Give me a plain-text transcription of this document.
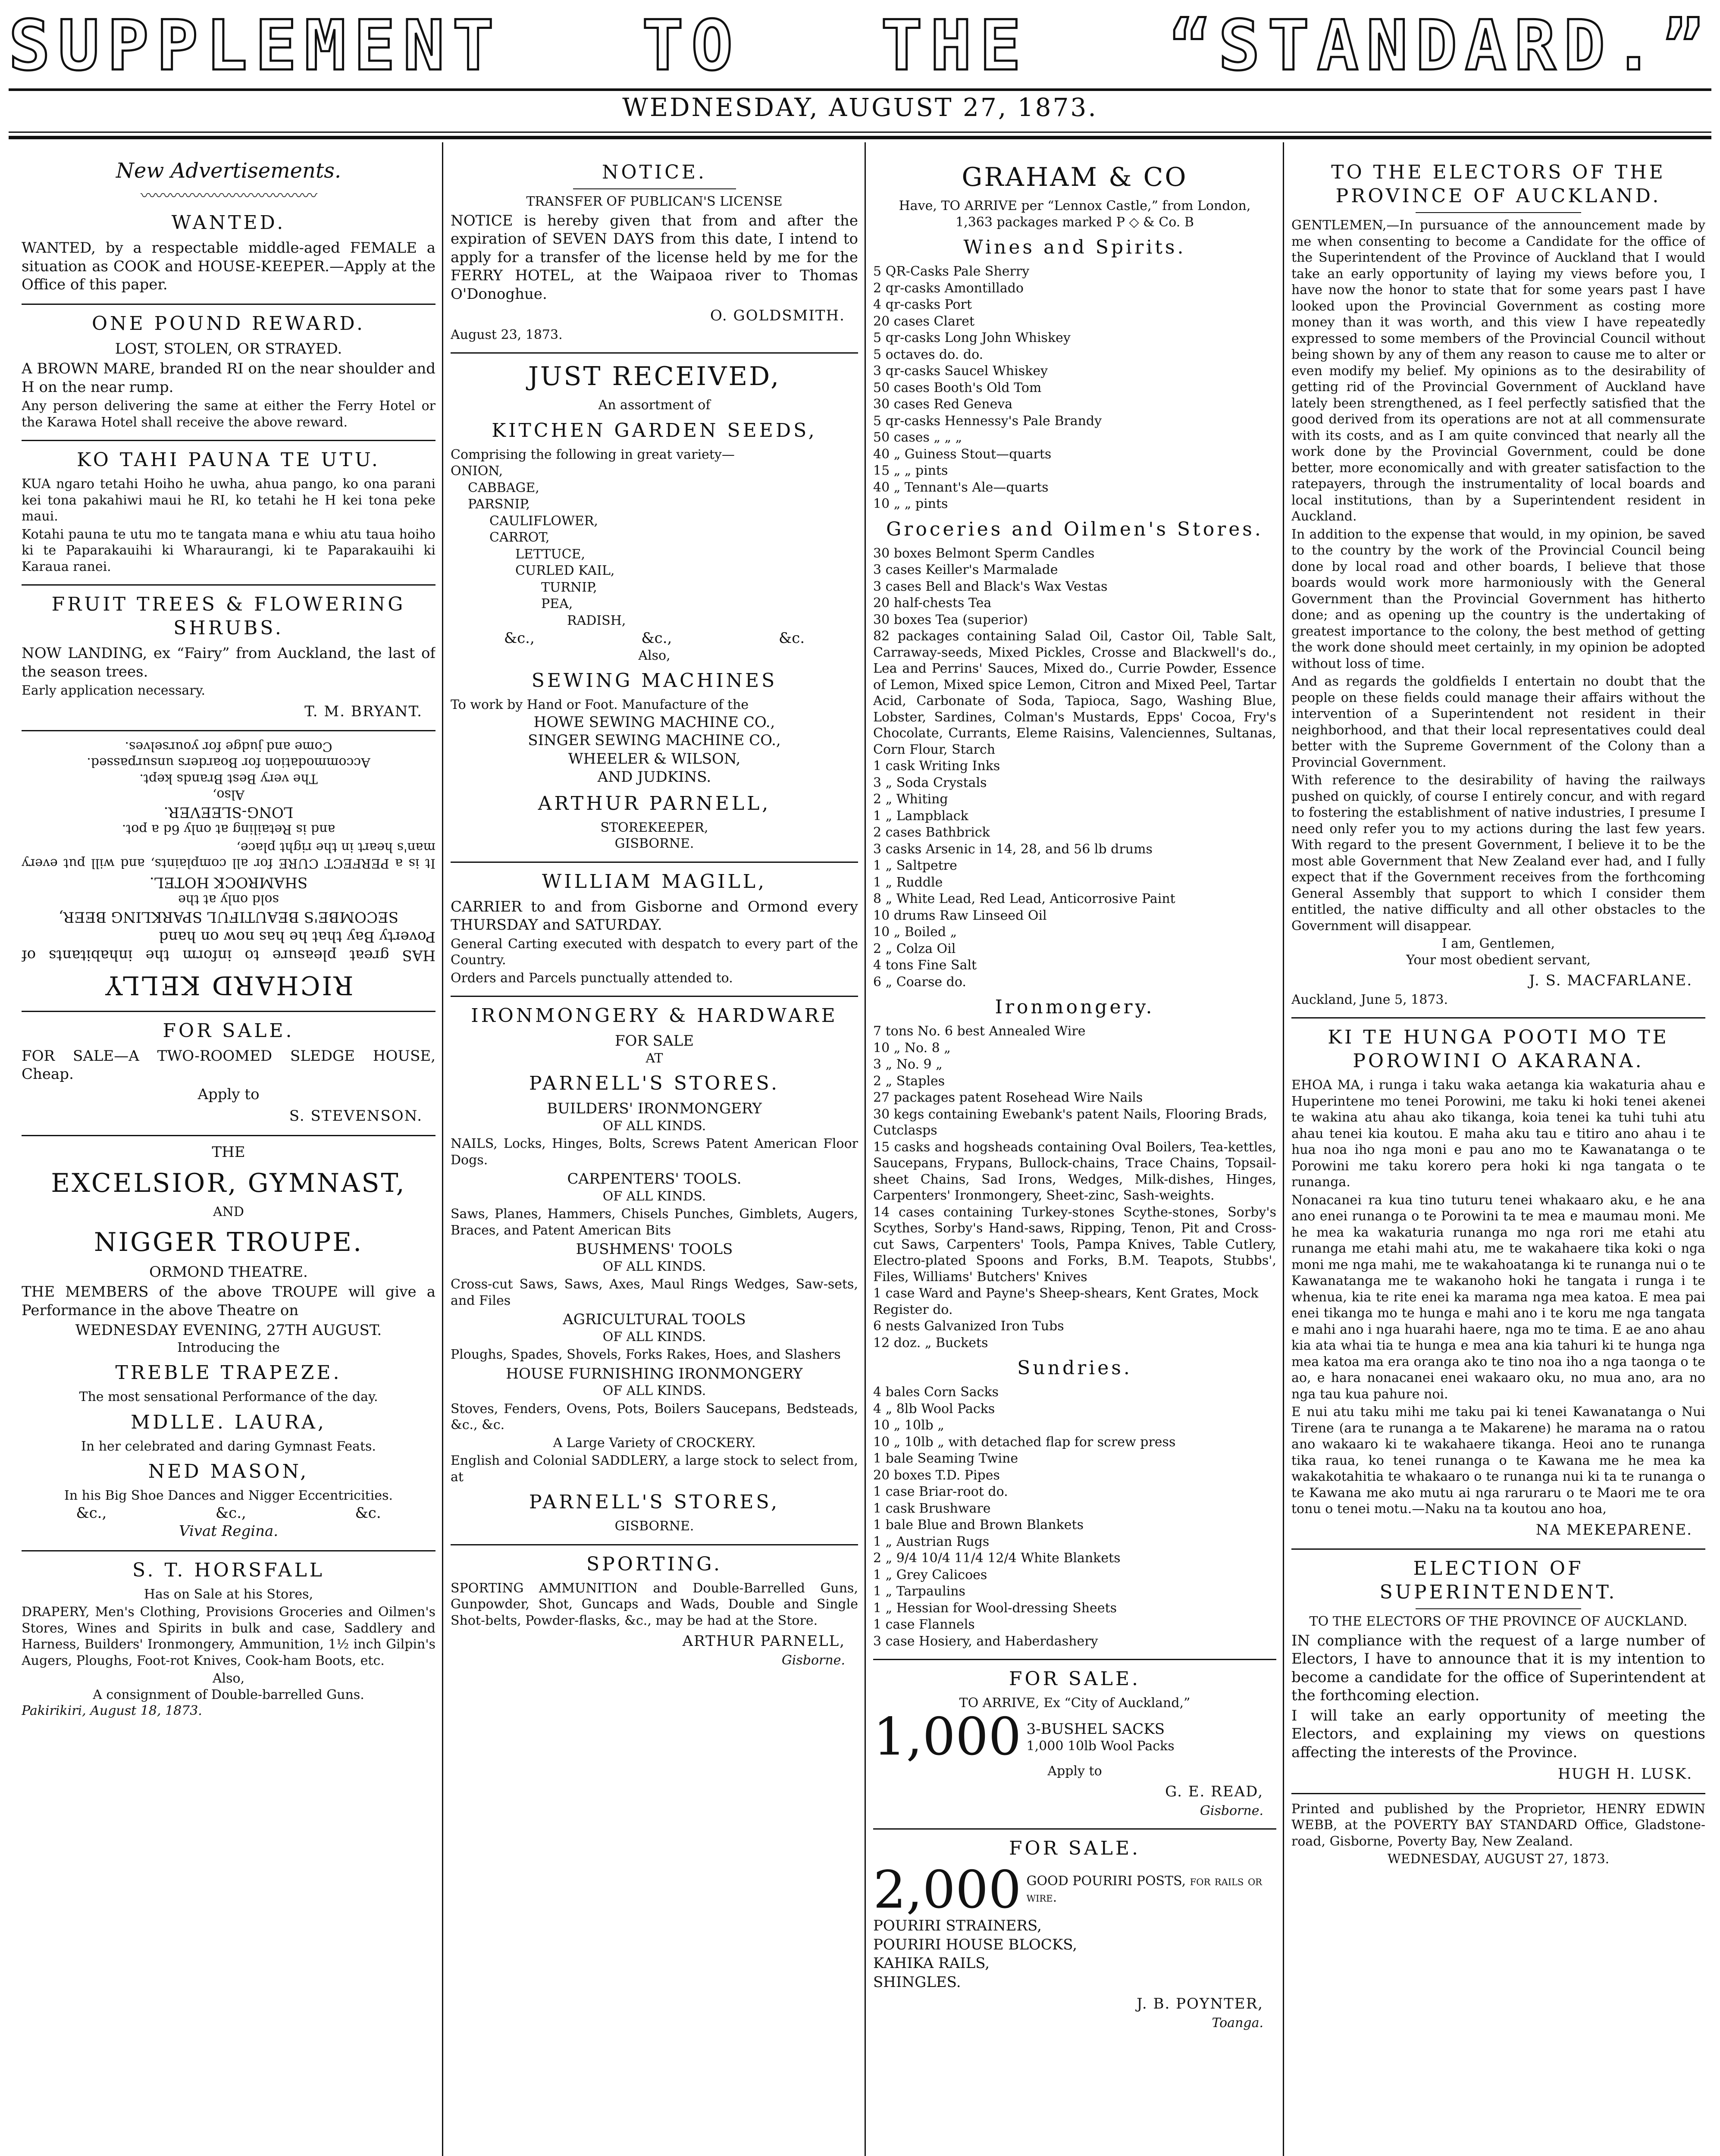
SUPPLEMENT TO THE “STANDARD.”
WEDNESDAY, AUGUST 27, 1873.
New Advertisements.
〰〰〰〰〰〰〰〰〰〰〰〰
WANTED.
WANTED, by a respectable middle-aged FEMALE a situation as COOK and HOUSE-KEEPER.—Apply at the Office of this paper.
ONE POUND REWARD.
LOST, STOLEN, OR STRAYED.
A BROWN MARE, branded RI on the near shoulder and H on the near rump.
Any person delivering the same at either the Ferry Hotel or the Karawa Hotel shall receive the above reward.
KO TAHI PAUNA TE UTU.
KUA ngaro tetahi Hoiho he uwha, ahua pango, ko ona parani kei tona pakahiwi maui he RI, ko tetahi he H kei tona peke maui.
Kotahi pauna te utu mo te tangata mana e whiu atu taua hoiho ki te Paparakauihi ki Wharaurangi, ki te Paparakauihi ki Karaua ranei.
FRUIT TREES & FLOWERING SHRUBS.
NOW LANDING, ex “Fairy” from Auckland, the last of the season trees.
Early application necessary.
T. M. BRYANT.
RICHARD KELLY
HAS great pleasure to inform the inhabitants of Poverty Bay that he has now on hand
SECOMBE'S BEAUTIFUL SPARKLING BEER,
sold only at the
SHAMROCK HOTEL.
It is a PERFECT CURE for all complaints, and will put every man's heart in the right place,
and is Retailing at only 6d a pot.
LONG-SLEEVER.
Also,
The very Best Brands kept.
Accommodation for Boarders unsurpassed.
Come and judge for yourselves.
FOR SALE.
FOR SALE—A TWO-ROOMED SLEDGE HOUSE, Cheap.
Apply to
S. STEVENSON.
THE
EXCELSIOR, GYMNAST,
AND
NIGGER TROUPE.
ORMOND THEATRE.
THE MEMBERS of the above TROUPE will give a Performance in the above Theatre on
WEDNESDAY EVENING, 27TH AUGUST.
Introducing the
TREBLE TRAPEZE.
The most sensational Performance of the day.
MDLLE. LAURA,
In her celebrated and daring Gymnast Feats.
NED MASON,
In his Big Shoe Dances and Nigger Eccentricities.
&c.,	&c.,	&c.
Vivat Regina.
S. T. HORSFALL
Has on Sale at his Stores,
DRAPERY, Men's Clothing, Provisions Groceries and Oilmen's Stores, Wines and Spirits in bulk and case, Saddlery and Harness, Builders' Ironmongery, Ammunition, 1½ inch Gilpin's Augers, Ploughs, Foot-rot Knives, Cook-ham Boots, etc.
Also,
A consignment of Double-barrelled Guns.
Pakirikiri, August 18, 1873.
NOTICE.
TRANSFER OF PUBLICAN'S LICENSE
NOTICE is hereby given that from and after the expiration of SEVEN DAYS from this date, I intend to apply for a transfer of the license held by me for the FERRY HOTEL, at the Waipaoa river to Thomas O'Donoghue.
O. GOLDSMITH.
August 23, 1873.
JUST RECEIVED,
An assortment of
KITCHEN GARDEN SEEDS,
Comprising the following in great variety—
ONION,
CABBAGE,
PARSNIP,
CAULIFLOWER,
CARROT,
LETTUCE,
CURLED KAIL,
TURNIP,
PEA,
RADISH,
&c.,	&c.,	&c.
Also,
SEWING MACHINES
To work by Hand or Foot. Manufacture of the
HOWE SEWING MACHINE CO.,
SINGER SEWING MACHINE CO.,
WHEELER & WILSON,
AND JUDKINS.
ARTHUR PARNELL,
STOREKEEPER,
GISBORNE.
WILLIAM MAGILL,
CARRIER to and from Gisborne and Ormond every THURSDAY and SATURDAY.
General Carting executed with despatch to every part of the Country.
Orders and Parcels punctually attended to.
IRONMONGERY & HARDWARE
FOR SALE
AT
PARNELL'S STORES.
BUILDERS' IRONMONGERY
OF ALL KINDS.
NAILS, Locks, Hinges, Bolts, Screws Patent American Floor Dogs.
CARPENTERS' TOOLS.
OF ALL KINDS.
Saws, Planes, Hammers, Chisels Punches, Gimblets, Augers, Braces, and Patent American Bits
BUSHMENS' TOOLS
OF ALL KINDS.
Cross-cut Saws, Saws, Axes, Maul Rings Wedges, Saw-sets, and Files
AGRICULTURAL TOOLS
OF ALL KINDS.
Ploughs, Spades, Shovels, Forks Rakes, Hoes, and Slashers
HOUSE FURNISHING IRONMONGERY
OF ALL KINDS.
Stoves, Fenders, Ovens, Pots, Boilers Saucepans, Bedsteads, &c., &c.
A Large Variety of CROCKERY.
English and Colonial SADDLERY, a large stock to select from, at
PARNELL'S STORES,
GISBORNE.
SPORTING.
SPORTING AMMUNITION and Double-Barrelled Guns, Gunpowder, Shot, Guncaps and Wads, Double and Single Shot-belts, Powder-flasks, &c., may be had at the Store.
ARTHUR PARNELL,
Gisborne.
GRAHAM & CO
Have, TO ARRIVE per “Lennox Castle,” from London,
1,363 packages marked P ◇ & Co. B
Wines and Spirits.
5 QR-Casks Pale Sherry
2 qr-casks Amontillado
4 qr-casks Port
20 cases Claret
5 qr-casks Long John Whiskey
5 octaves do. do.
3 qr-casks Saucel Whiskey
50 cases Booth's Old Tom
30 cases Red Geneva
5 qr-casks Hennessy's Pale Brandy
50 cases „ „ „
40 „ Guiness Stout—quarts
15 „ „ pints
40 „ Tennant's Ale—quarts
10 „ „ pints
Groceries and Oilmen's Stores.
30 boxes Belmont Sperm Candles
3 cases Keiller's Marmalade
3 cases Bell and Black's Wax Vestas
20 half-chests Tea
30 boxes Tea (superior)
82 packages containing Salad Oil, Castor Oil, Table Salt, Carraway-seeds, Mixed Pickles, Crosse and Blackwell's do., Lea and Perrins' Sauces, Mixed do., Currie Powder, Essence of Lemon, Mixed spice Lemon, Citron and Mixed Peel, Tartar Acid, Carbonate of Soda, Tapioca, Sago, Washing Blue, Lobster, Sardines, Colman's Mustards, Epps' Cocoa, Fry's Chocolate, Currants, Eleme Raisins, Valenciennes, Sultanas, Corn Flour, Starch
1 cask Writing Inks
3 „ Soda Crystals
2 „ Whiting
1 „ Lampblack
2 cases Bathbrick
3 casks Arsenic in 14, 28, and 56 lb drums
1 „ Saltpetre
1 „ Ruddle
8 „ White Lead, Red Lead, Anticorrosive Paint
10 drums Raw Linseed Oil
10 „ Boiled „
2 „ Colza Oil
4 tons Fine Salt
6 „ Coarse do.
Ironmongery.
7 tons No. 6 best Annealed Wire
10 „ No. 8 „
3 „ No. 9 „
2 „ Staples
27 packages patent Rosehead Wire Nails
30 kegs containing Ewebank's patent Nails, Flooring Brads, Cutclasps
15 casks and hogsheads containing Oval Boilers, Tea-kettles, Saucepans, Frypans, Bullock-chains, Trace Chains, Topsail-sheet Chains, Sad Irons, Wedges, Milk-dishes, Hinges, Carpenters' Ironmongery, Sheet-zinc, Sash-weights.
14 cases containing Turkey-stones Scythe-stones, Sorby's Scythes, Sorby's Hand-saws, Ripping, Tenon, Pit and Cross-cut Saws, Carpenters' Tools, Pampa Knives, Table Cutlery, Electro-plated Spoons and Forks, B.M. Teapots, Stubbs', Files, Williams' Butchers' Knives
1 case Ward and Payne's Sheep-shears, Kent Grates, Mock Register do.
6 nests Galvanized Iron Tubs
12 doz. „ Buckets
Sundries.
4 bales Corn Sacks
4 „ 8lb Wool Packs
10 „ 10lb „
10 „ 10lb „ with detached flap for screw press
1 bale Seaming Twine
20 boxes T.D. Pipes
1 case Briar-root do.
1 cask Brushware
1 bale Blue and Brown Blankets
1 „ Austrian Rugs
2 „ 9/4 10/4 11/4 12/4 White Blankets
1 „ Grey Calicoes
1 „ Tarpaulins
1 „ Hessian for Wool-dressing Sheets
1 case Flannels
3 case Hosiery, and Haberdashery
FOR SALE.
TO ARRIVE, Ex “City of Auckland,”
1,000 3-BUSHEL SACKS
1,000 10lb Wool Packs
Apply to
G. E. READ,
Gisborne.
FOR SALE.
2,000 GOOD POURIRI POSTS, for rails or wire.
POURIRI STRAINERS,
POURIRI HOUSE BLOCKS,
KAHIKA RAILS,
SHINGLES.
J. B. POYNTER,
Toanga.
TO THE ELECTORS OF THE PROVINCE OF AUCKLAND.
GENTLEMEN,—In pursuance of the announcement made by me when consenting to become a Candidate for the office of the Superintendent of the Province of Auckland that I would take an early opportunity of laying my views before you, I have now the honor to state that for some years past I have looked upon the Provincial Government as costing more money than it was worth, and this view I have repeatedly expressed to some members of the Provincial Council without being shown by any of them any reason to cause me to alter or even modify my belief. My opinions as to the desirability of getting rid of the Provincial Government of Auckland have lately been strengthened, as I feel perfectly satisfied that the good derived from its operations are not at all commensurate with its costs, and as I am quite convinced that nearly all the work done by the Provincial Government, could be done better, more economically and with greater satisfaction to the ratepayers, through the instrumentality of local boards and local institutions, than by a Superintendent resident in Auckland.
In addition to the expense that would, in my opinion, be saved to the country by the work of the Provincial Council being done by local road and other boards, I believe that those boards would work more harmoniously with the General Government than the Provincial Government has hitherto done; and as opening up the country is the undertaking of greatest importance to the colony, the best method of getting the work done should meet certainly, in my opinion be adopted without loss of time.
And as regards the goldfields I entertain no doubt that the people on these fields could manage their affairs without the intervention of a Superintendent not resident in their neighborhood, and that their local representatives could deal better with the Supreme Government of the Colony than a Provincial Government.
With reference to the desirability of having the railways pushed on quickly, of course I entirely concur, and with regard to fostering the establishment of native industries, I presume I need only refer you to my actions during the last few years. With regard to the present Government, I believe it to be the most able Government that New Zealand ever had, and I fully expect that if the Government receives from the forthcoming General Assembly that support to which I consider them entitled, the native difficulty and all other obstacles to the Government will disappear.
I am, Gentlemen,
Your most obedient servant,
J. S. MACFARLANE.
Auckland, June 5, 1873.
KI TE HUNGA POOTI MO TE POROWINI O AKARANA.
EHOA MA, i runga i taku waka aetanga kia wakaturia ahau e Huperintene mo tenei Porowini, me taku ki hoki tenei akenei te wakina atu ahau ako tikanga, koia tenei ka tuhi tuhi atu ahau tenei kia koutou. E maha aku tau e titiro ano ahau i te hua noa iho nga moni e pau ano mo te Kawanatanga o te Porowini me taku korero pera hoki ki nga tangata o te runanga.
Nonacanei ra kua tino tuturu tenei whakaaro aku, e he ana ano enei runanga o te Porowini ta te mea e maumau moni. Me he mea ka wakaturia runanga mo nga rori me etahi atu runanga me etahi mahi atu, me te wakahaere tika koki o nga moni me nga mahi, me te wakahoatanga ki te runanga nui o te Kawanatanga me te wakanoho hoki he tangata i runga i te whenua, kia te rite enei ka marama nga mea katoa. E mea pai enei tikanga mo te hunga e mahi ano i te koru me nga tangata e mahi ano i nga huarahi haere, nga mo te tima. E ae ano ahau kia ata whai tia te hunga e mea ana kia tahuri ki te hunga nga mea katoa ma era oranga ako te tino noa iho a nga taonga o te ao, e hara nonacanei enei wakaaro oku, no mua ano, ara no nga tau kua pahure noi.
E nui atu taku mihi me taku pai ki tenei Kawanatanga o Nui Tirene (ara te runanga a te Makarene) he marama na o ratou ano wakaaro ki te wakahaere tikanga. Heoi ano te runanga tika raua, ko tenei runanga o te Kawana me he mea ka wakakotahitia te whakaaro o te runanga nui ki ta te runanga o te Kawana me ako mutu ai nga raruraru o te Maori me te ora tonu o tenei motu.—Naku na ta koutou ano hoa,
NA MEKEPARENE.
ELECTION OF SUPERINTENDENT.
TO THE ELECTORS OF THE PROVINCE OF AUCKLAND.
IN compliance with the request of a large number of Electors, I have to announce that it is my intention to become a candidate for the office of Superintendent at the forthcoming election.
I will take an early opportunity of meeting the Electors, and explaining my views on questions affecting the interests of the Province.
HUGH H. LUSK.
Printed and published by the Proprietor, HENRY EDWIN WEBB, at the POVERTY BAY STANDARD Office, Gladstone-road, Gisborne, Poverty Bay, New Zealand.
WEDNESDAY, AUGUST 27, 1873.
